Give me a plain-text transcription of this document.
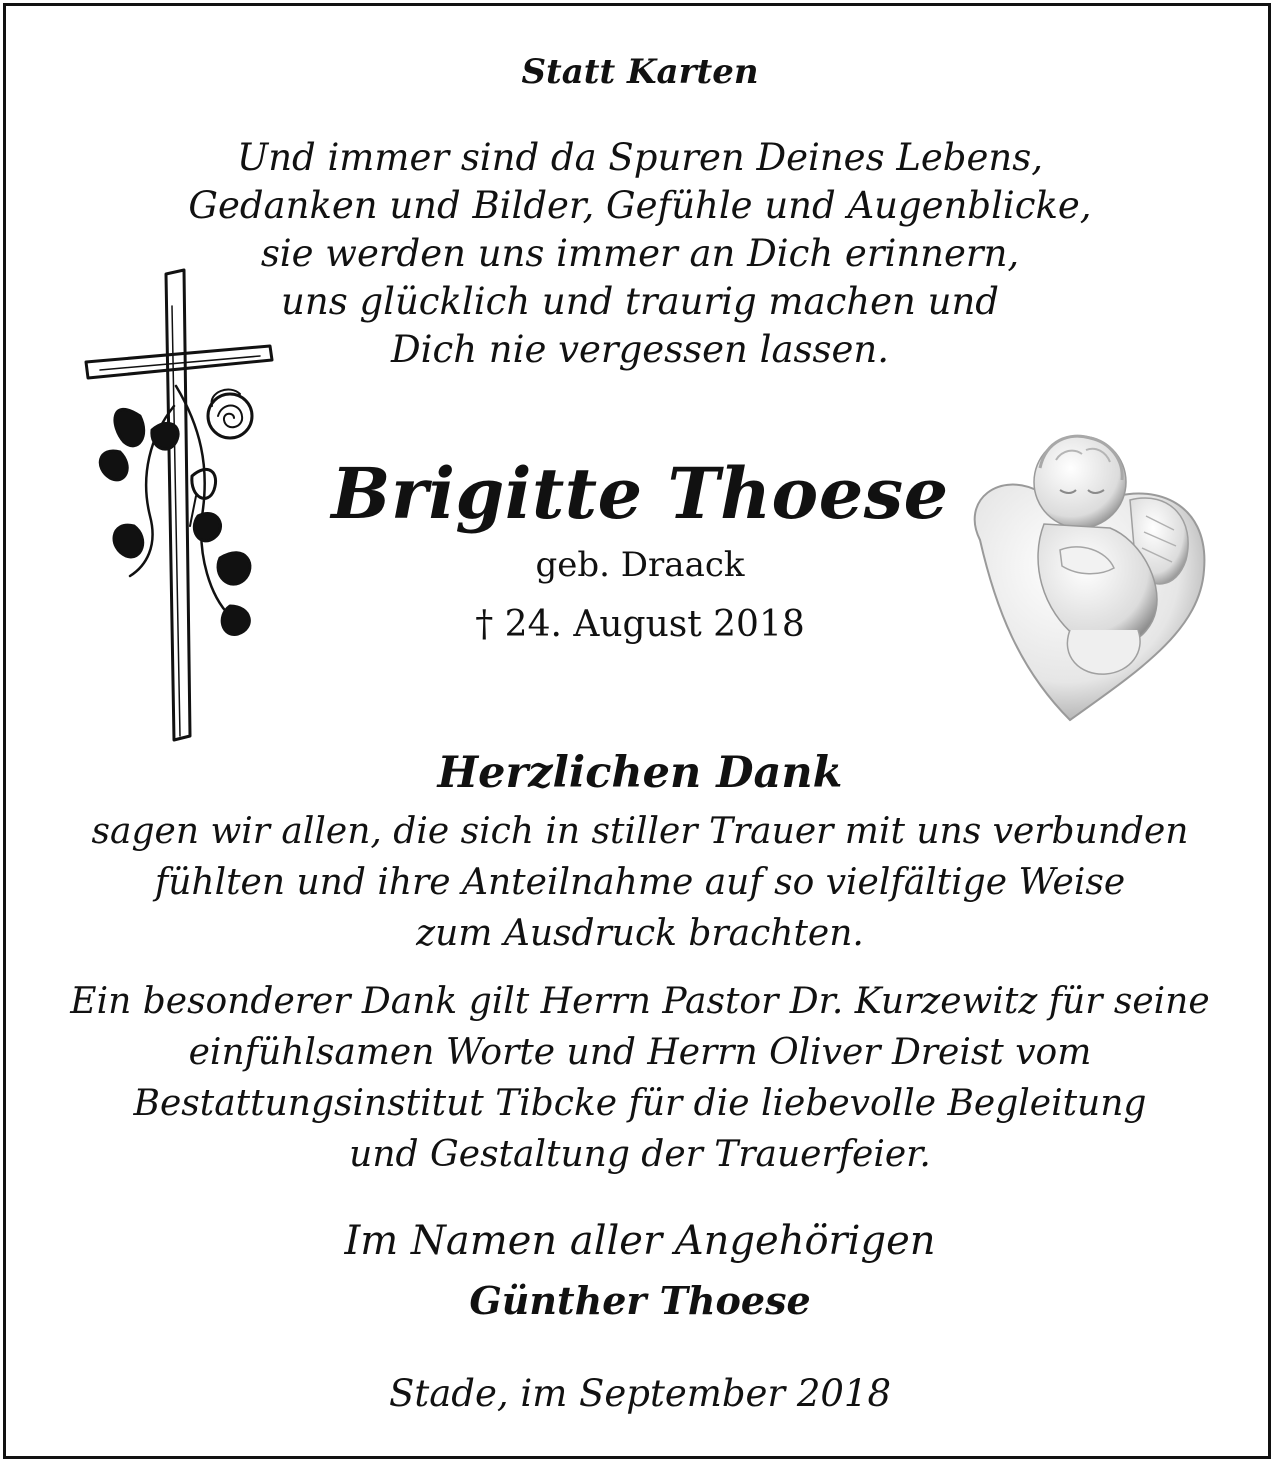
Statt Karten
Und immer sind da Spuren Deines Lebens,
Gedanken und Bilder, Gefühle und Augenblicke,
sie werden uns immer an Dich erinnern,
uns glücklich und traurig machen und
Dich nie vergessen lassen.
Brigitte Thoese
geb. Draack
† 24. August 2018
Herzlichen Dank
sagen wir allen, die sich in stiller Trauer mit uns verbunden
fühlten und ihre Anteilnahme auf so vielfältige Weise
zum Ausdruck brachten.
Ein besonderer Dank gilt Herrn Pastor Dr. Kurzewitz für seine
einfühlsamen Worte und Herrn Oliver Dreist vom
Bestattungsinstitut Tibcke für die liebevolle Begleitung
und Gestaltung der Trauerfeier.
Im Namen aller Angehörigen
Günther Thoese
Stade, im September 2018
